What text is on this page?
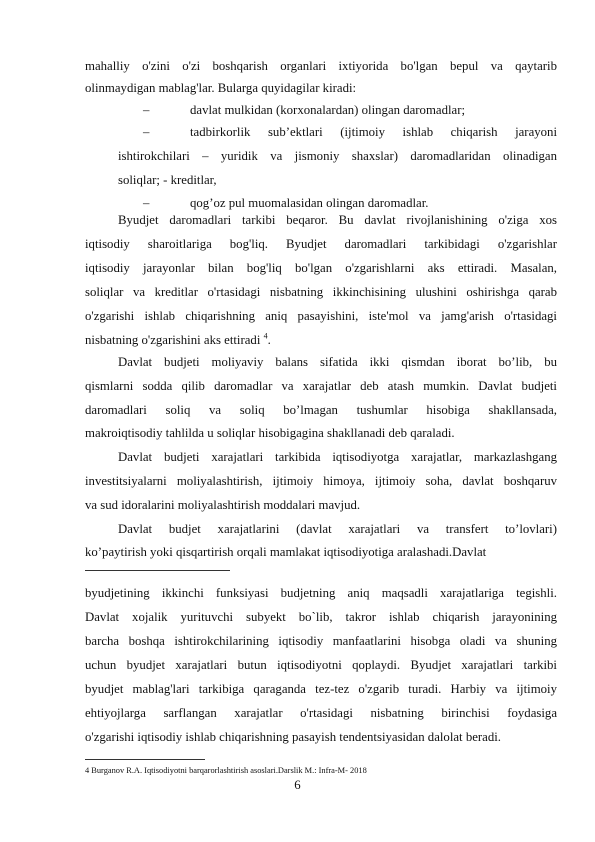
mahalliy o'zini o'zi boshqarish organlari ixtiyorida bo'lgan bepul va qaytarib
olinmaydigan mablag'lar. Bularga quyidagilar kiradi:
–	davlat mulkidan (korxonalardan) olingan daromadlar;
–	tadbirkorlik sub’ektlari (ijtimoiy ishlab chiqarish jarayoni
ishtirokchilari – yuridik va jismoniy shaxslar) daromadlaridan olinadigan
soliqlar; - kreditlar,
–	qog’oz pul muomalasidan olingan daromadlar.
Byudjet daromadlari tarkibi beqaror. Bu davlat rivojlanishining o'ziga xos
iqtisodiy sharoitlariga bog'liq. Byudjet daromadlari tarkibidagi o'zgarishlar
iqtisodiy jarayonlar bilan bog'liq bo'lgan o'zgarishlarni aks ettiradi. Masalan,
soliqlar va kreditlar o'rtasidagi nisbatning ikkinchisining ulushini oshirishga qarab
o'zgarishi ishlab chiqarishning aniq pasayishini, iste'mol va jamg'arish o'rtasidagi
nisbatning o'zgarishini aks ettiradi $^4$.
Davlat budjeti moliyaviy balans sifatida ikki qismdan iborat bo’lib, bu
qismlarni sodda qilib daromadlar va xarajatlar deb atash mumkin. Davlat budjeti
daromadlari soliq va soliq bo’lmagan tushumlar hisobiga shakllansada,
makroiqtisodiy tahlilda u soliqlar hisobigagina shakllanadi deb qaraladi.
Davlat budjeti xarajatlari tarkibida iqtisodiyotga xarajatlar, markazlashgang
investitsiyalarni moliyalashtirish, ijtimoiy himoya, ijtimoiy soha, davlat boshqaruv
va sud idoralarini moliyalashtirish moddalari mavjud.
Davlat budjet xarajatlarini (davlat xarajatlari va transfert to’lovlari)
ko’paytirish yoki qisqartirish orqali mamlakat iqtisodiyotiga aralashadi.Davlat
byudjetining ikkinchi funksiyasi budjetning aniq maqsadli xarajatlariga tegishli.
Davlat xojalik yurituvchi subyekt bo`lib, takror ishlab chiqarish jarayonining
barcha boshqa ishtirokchilarining iqtisodiy manfaatlarini hisobga oladi va shuning
uchun byudjet xarajatlari butun iqtisodiyotni qoplaydi. Byudjet xarajatlari tarkibi
byudjet mablag'lari tarkibiga qaraganda tez-tez o'zgarib turadi. Harbiy va ijtimoiy
ehtiyojlarga sarflangan xarajatlar o'rtasidagi nisbatning birinchisi foydasiga
o'zgarishi iqtisodiy ishlab chiqarishning pasayish tendentsiyasidan dalolat beradi.
4 Burganov R.A. Iqtisodiyotni barqarorlashtirish asoslari.Darslik M.: Infra-M- 2018
6
